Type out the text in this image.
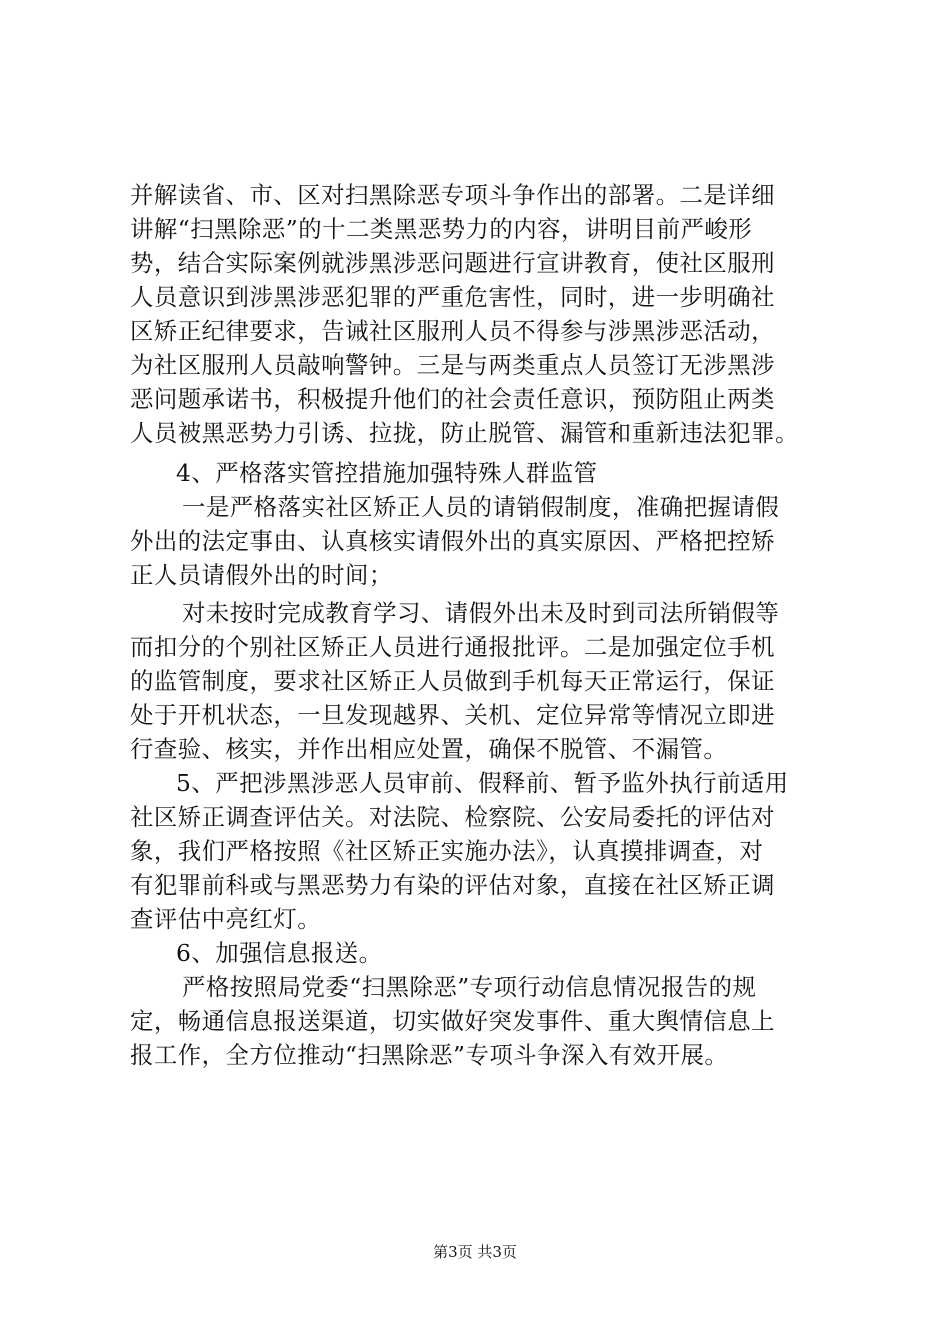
并解读省、市、区对扫黑除恶专项斗争作出的部署。二是详细
讲解“扫黑除恶”的十二类黑恶势力的内容，讲明目前严峻形
势，结合实际案例就涉黑涉恶问题进行宣讲教育，使社区服刑
人员意识到涉黑涉恶犯罪的严重危害性，同时，进一步明确社
区矫正纪律要求，告诫社区服刑人员不得参与涉黑涉恶活动，
为社区服刑人员敲响警钟。三是与两类重点人员签订无涉黑涉
恶问题承诺书，积极提升他们的社会责任意识，预防阻止两类
人员被黑恶势力引诱、拉拢，防止脱管、漏管和重新违法犯罪。
4、严格落实管控措施加强特殊人群监管
一是严格落实社区矫正人员的请销假制度，准确把握请假
外出的法定事由、认真核实请假外出的真实原因、严格把控矫
正人员请假外出的时间；
对未按时完成教育学习、请假外出未及时到司法所销假等
而扣分的个别社区矫正人员进行通报批评。二是加强定位手机
的监管制度，要求社区矫正人员做到手机每天正常运行，保证
处于开机状态，一旦发现越界、关机、定位异常等情况立即进
行查验、核实，并作出相应处置，确保不脱管、不漏管。
5、严把涉黑涉恶人员审前、假释前、暂予监外执行前适用
社区矫正调查评估关。对法院、检察院、公安局委托的评估对
象，我们严格按照《社区矫正实施办法》，认真摸排调查，对
有犯罪前科或与黑恶势力有染的评估对象，直接在社区矫正调
查评估中亮红灯。
6、加强信息报送。
严格按照局党委“扫黑除恶”专项行动信息情况报告的规
定，畅通信息报送渠道，切实做好突发事件、重大舆情信息上
报工作，全方位推动“扫黑除恶”专项斗争深入有效开展。
第3页 共3页
